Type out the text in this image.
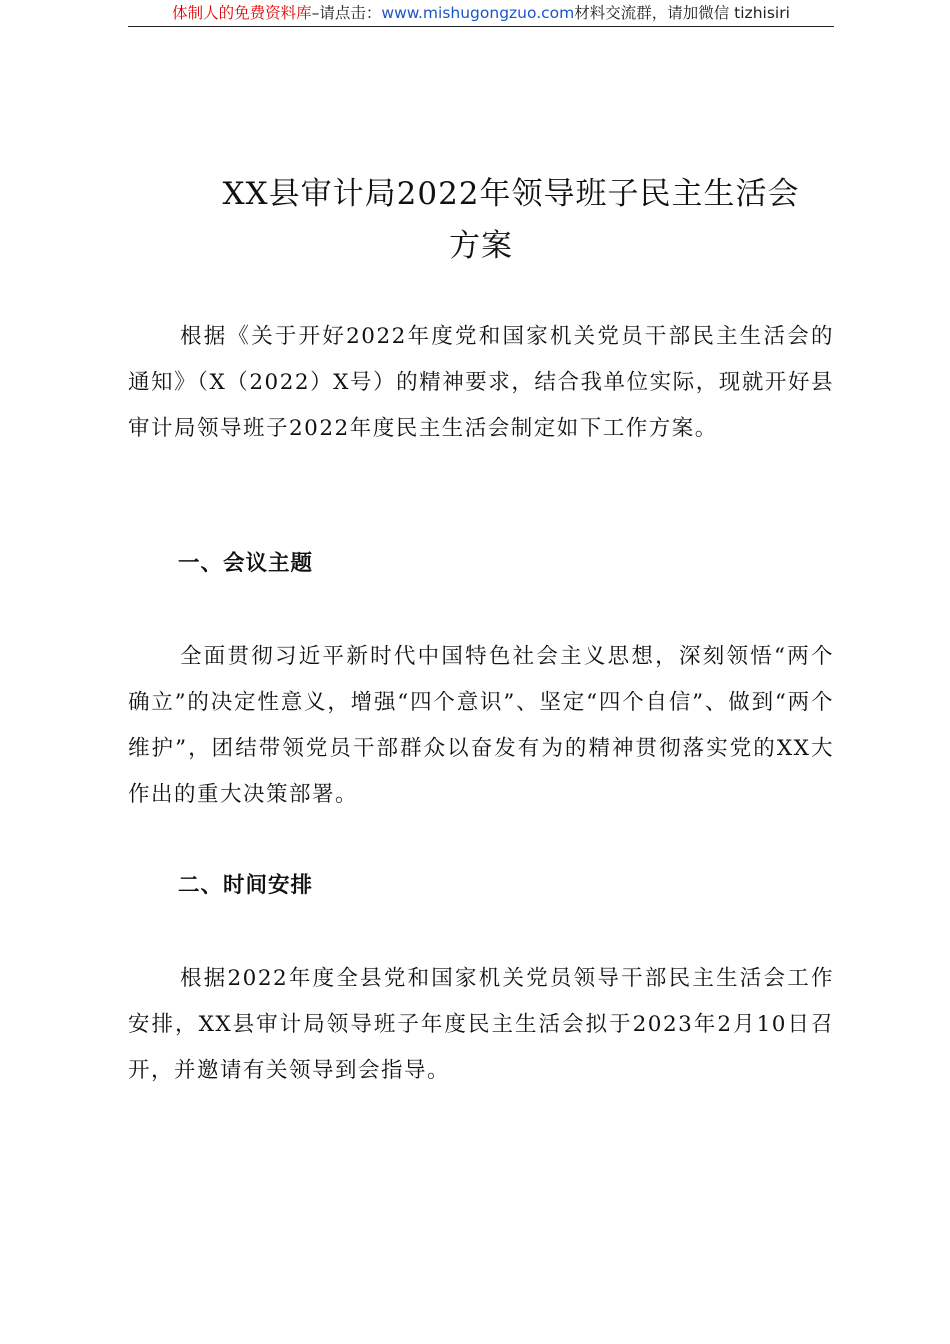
体制人的免费资料库–请点击：www.mishugongzuo.com材料交流群，请加微信 tizhisiri
XX县审计局2022年领导班子民主生活会
方案

根据《关于开好2022年度党和国家机关党员干部民主生活会的通知》（X（2022）X号）的精神要求，结合我单位实际，现就开好县审计局领导班子2022年度民主生活会制定如下工作方案。

一、会议主题

全面贯彻习近平新时代中国特色社会主义思想，深刻领悟“两个确立”的决定性意义，增强“四个意识”、坚定“四个自信”、做到“两个维护”，团结带领党员干部群众以奋发有为的精神贯彻落实党的XX大作出的重大决策部署。

二、时间安排

根据2022年度全县党和国家机关党员领导干部民主生活会工作安排，XX县审计局领导班子年度民主生活会拟于2023年2月10日召开，并邀请有关领导到会指导。
